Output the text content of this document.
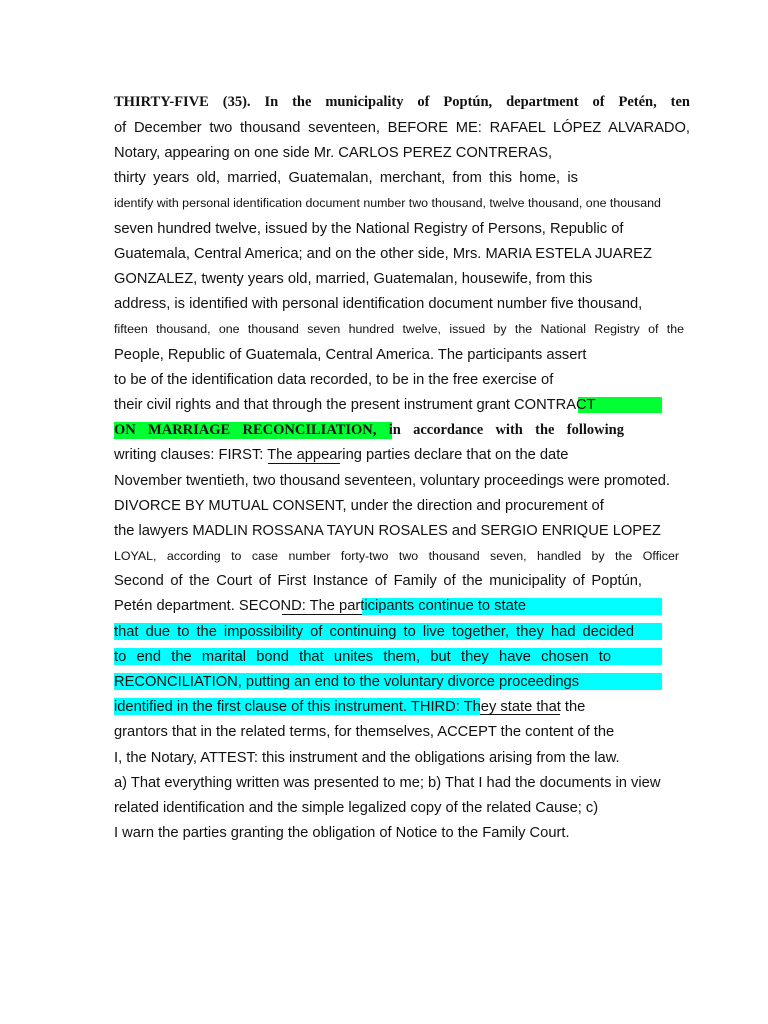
THIRTY-FIVE (35). In the municipality of Poptún, department of Petén, ten
of December two thousand seventeen, BEFORE ME: RAFAEL LÓPEZ ALVARADO,
Notary, appearing on one side Mr. CARLOS PEREZ CONTRERAS,
thirty years old, married, Guatemalan, merchant, from this home, is
identify with personal identification document number two thousand, twelve thousand, one thousand
seven hundred twelve, issued by the National Registry of Persons, Republic of
Guatemala, Central America; and on the other side, Mrs. MARIA ESTELA JUAREZ
GONZALEZ, twenty years old, married, Guatemalan, housewife, from this
address, is identified with personal identification document number five thousand,
fifteen thousand, one thousand seven hundred twelve, issued by the National Registry of the
People, Republic of Guatemala, Central America. The participants assert
to be of the identification data recorded, to be in the free exercise of
their civil rights and that through the present instrument grant CONTRACT
ON MARRIAGE RECONCILIATION, in accordance with the following
writing clauses: FIRST: The appearing parties declare that on the date
November twentieth, two thousand seventeen, voluntary proceedings were promoted.
DIVORCE BY MUTUAL CONSENT, under the direction and procurement of
the lawyers MADLIN ROSSANA TAYUN ROSALES and SERGIO ENRIQUE LOPEZ
LOYAL, according to case number forty-two two thousand seven, handled by the Officer
Second of the Court of First Instance of Family of the municipality of Poptún,
Petén department. SECOND: The participants continue to state
that due to the impossibility of continuing to live together, they had decided
to end the marital bond that unites them, but they have chosen to
RECONCILIATION, putting an end to the voluntary divorce proceedings
identified in the first clause of this instrument. THIRD: They state that the
grantors that in the related terms, for themselves, ACCEPT the content of the
I, the Notary, ATTEST: this instrument and the obligations arising from the law.
a) That everything written was presented to me; b) That I had the documents in view
related identification and the simple legalized copy of the related Cause; c)
I warn the parties granting the obligation of Notice to the Family Court.
